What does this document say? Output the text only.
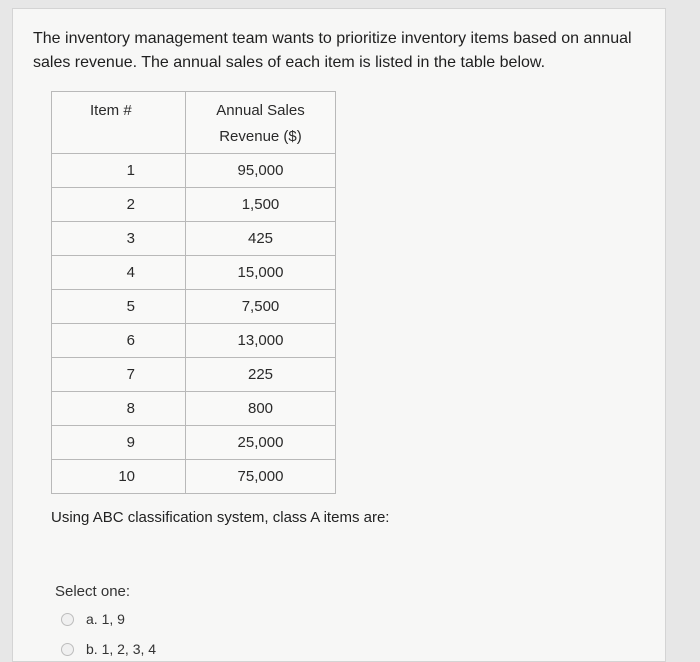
The inventory management team wants to prioritize inventory items based on annual sales revenue. The annual sales of each item is listed in the table below.
Item #	Annual Sales
Revenue ($)
1	95,000
2	1,500
3	425
4	15,000
5	7,500
6	13,000
7	225
8	800
9	25,000
10	75,000
Using ABC classification system, class A items are:
Select one:
a. 1, 9
b. 1, 2, 3, 4
